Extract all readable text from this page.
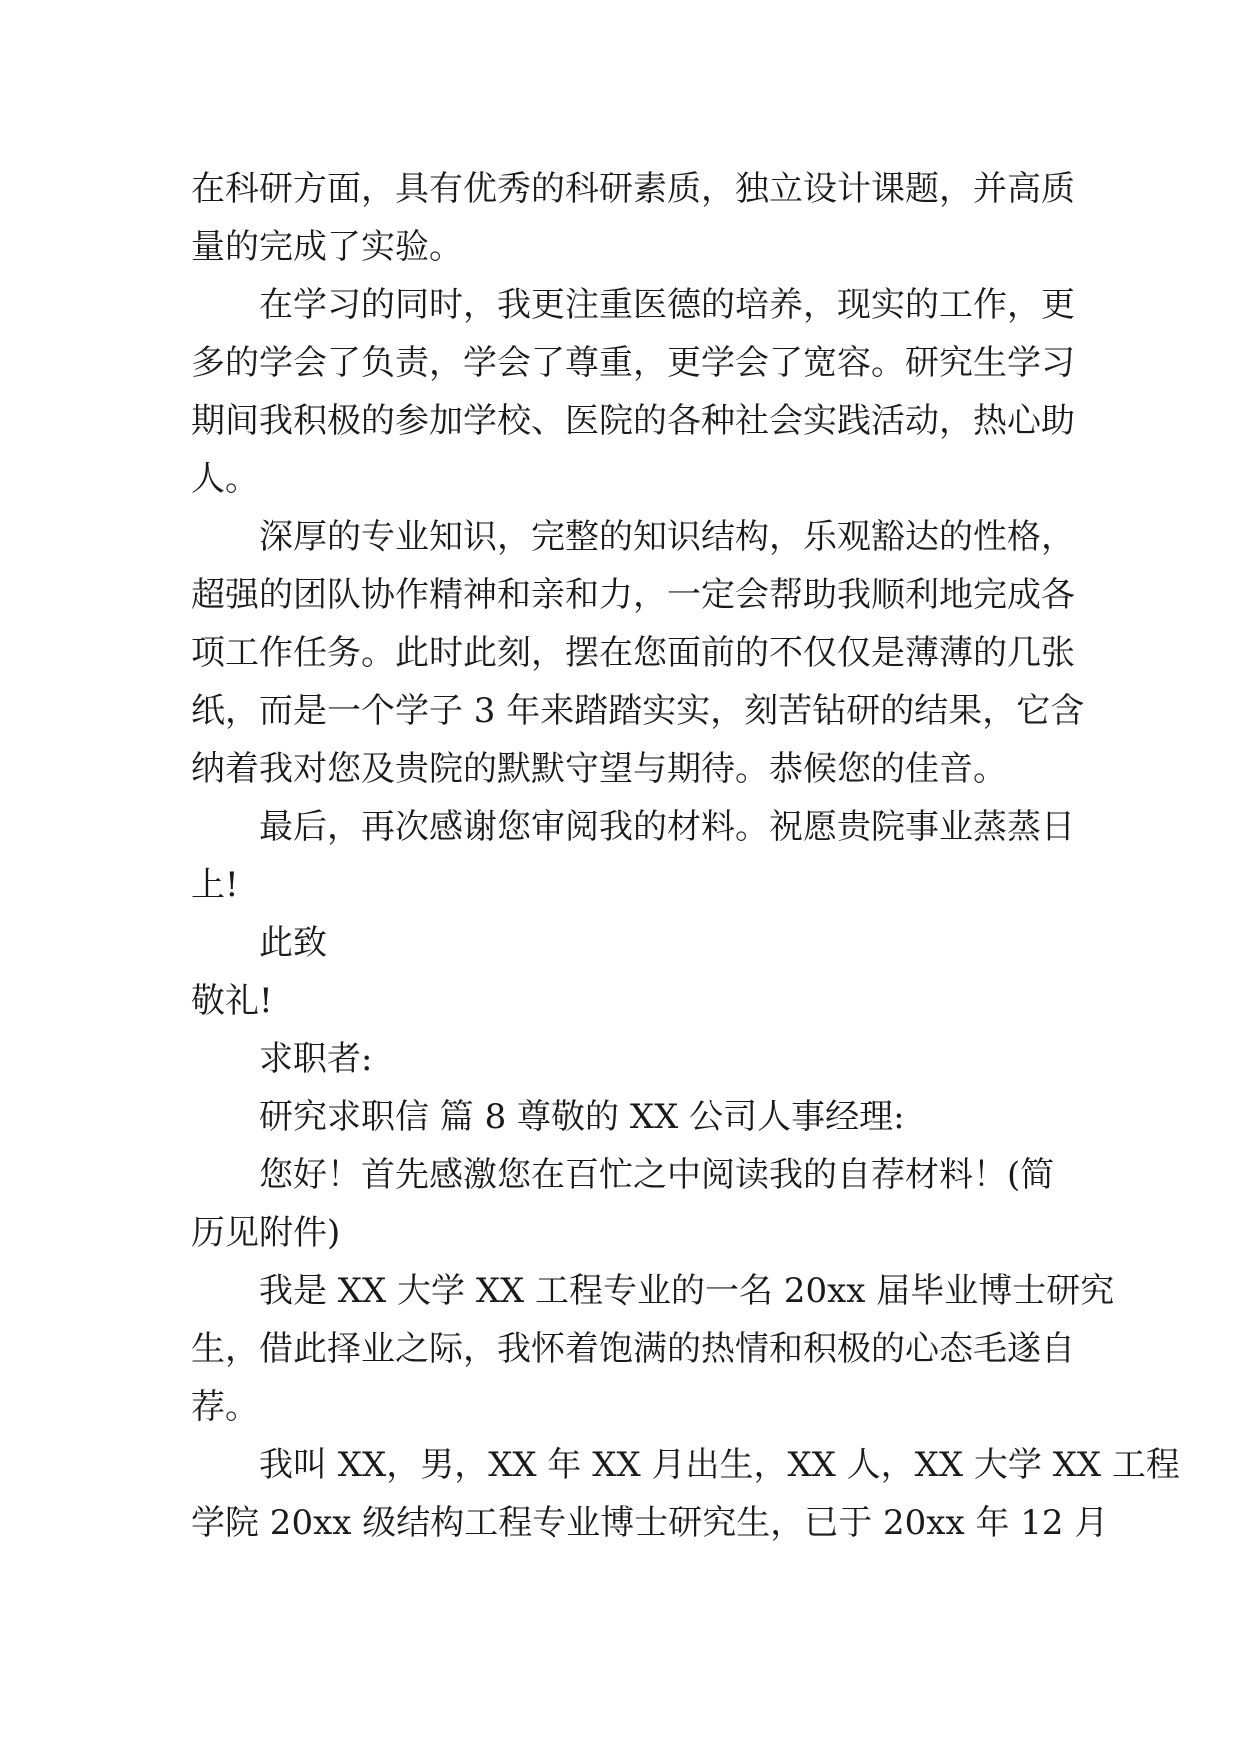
在科研方面，具有优秀的科研素质，独立设计课题，并高质
量的完成了实验。
在学习的同时，我更注重医德的培养，现实的工作，更
多的学会了负责，学会了尊重，更学会了宽容。研究生学习
期间我积极的参加学校、医院的各种社会实践活动，热心助
人。
深厚的专业知识，完整的知识结构，乐观豁达的性格，
超强的团队协作精神和亲和力，一定会帮助我顺利地完成各
项工作任务。此时此刻，摆在您面前的不仅仅是薄薄的几张
纸，而是一个学子 3 年来踏踏实实，刻苦钻研的结果，它含
纳着我对您及贵院的默默守望与期待。恭候您的佳音。
最后，再次感谢您审阅我的材料。祝愿贵院事业蒸蒸日
上!
此致
敬礼!
求职者:
研究求职信 篇 8 尊敬的 XX 公司人事经理:
您好！首先感激您在百忙之中阅读我的自荐材料！(简
历见附件)
我是 XX 大学 XX 工程专业的一名 20xx 届毕业博士研究
生，借此择业之际，我怀着饱满的热情和积极的心态毛遂自
荐。
我叫 XX，男，XX 年 XX 月出生，XX 人，XX 大学 XX 工程
学院 20xx 级结构工程专业博士研究生，已于 20xx 年 12 月
